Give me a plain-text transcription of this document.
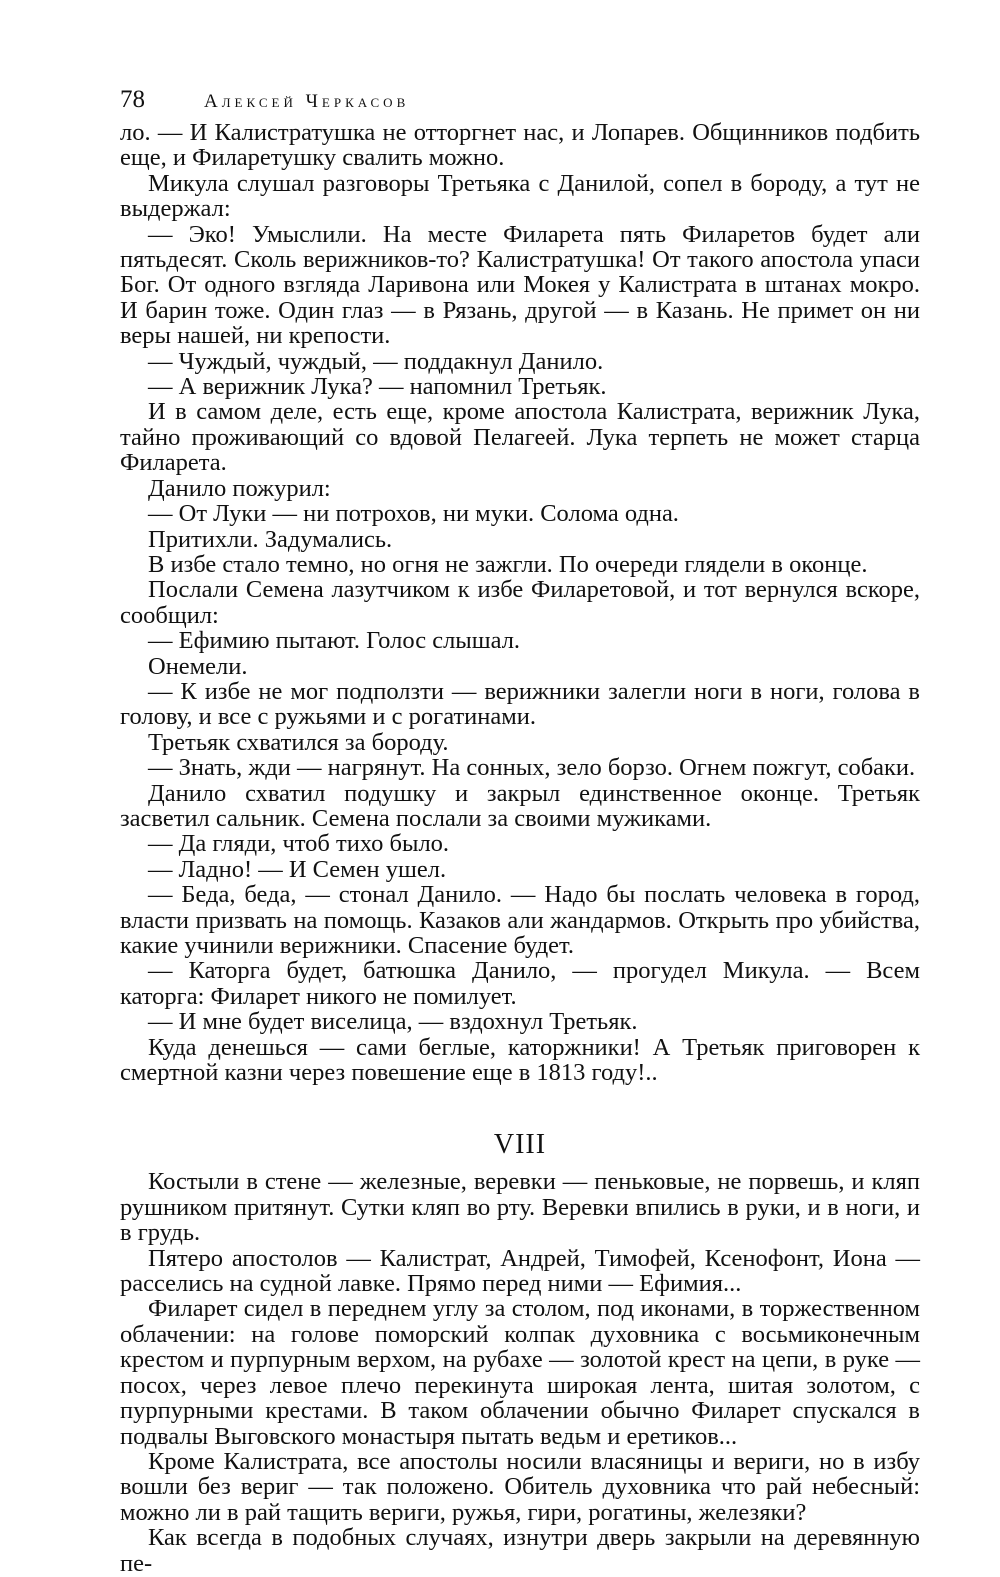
78	Алексей Черкасов

ло. — И Калистратушка не отторгнет нас, и Лопарев. Общинников подбить еще, и Филаретушку свалить можно.

Микула слушал разговоры Третьяка с Данилой, сопел в бороду, а тут не выдержал:

— Эко! Умыслили. На месте Филарета пять Филаретов будет али пятьдесят. Сколь верижников-то? Калистратушка! От такого апостола упаси Бог. От одного взгляда Ларивона или Мокея у Калистрата в штанах мокро. И барин тоже. Один глаз — в Рязань, другой — в Казань. Не примет он ни веры нашей, ни крепости.

— Чуждый, чуждый, — поддакнул Данило.

— А верижник Лука? — напомнил Третьяк.

И в самом деле, есть еще, кроме апостола Калистрата, верижник Лука, тайно проживающий со вдовой Пелагеей. Лука терпеть не может старца Филарета.

Данило пожурил:

— От Луки — ни потрохов, ни муки. Солома одна.

Притихли. Задумались.

В избе стало темно, но огня не зажгли. По очереди глядели в оконце.

Послали Семена лазутчиком к избе Филаретовой, и тот вернулся вскоре, сообщил:

— Ефимию пытают. Голос слышал.

Онемели.

— К избе не мог подползти — верижники залегли ноги в ноги, голова в голову, и все с ружьями и с рогатинами.

Третьяк схватился за бороду.

— Знать, жди — нагрянут. На сонных, зело борзо. Огнем пожгут, собаки.

Данило схватил подушку и закрыл единственное оконце. Третьяк засветил сальник. Семена послали за своими мужиками.

— Да гляди, чтоб тихо было.

— Ладно! — И Семен ушел.

— Беда, беда, — стонал Данило. — Надо бы послать человека в город, власти призвать на помощь. Казаков али жандармов. Открыть про убийства, какие учинили верижники. Спасение будет.

— Каторга будет, батюшка Данило, — прогудел Микула. — Всем каторга: Филарет никого не помилует.

— И мне будет виселица, — вздохнул Третьяк.

Куда денешься — сами беглые, каторжники! А Третьяк приговорен к смертной казни через повешение еще в 1813 году!..

VIII

Костыли в стене — железные, веревки — пеньковые, не порвешь, и кляп рушником притянут. Сутки кляп во рту. Веревки впились в руки, и в ноги, и в грудь.

Пятеро апостолов — Калистрат, Андрей, Тимофей, Ксенофонт, Иона — расселись на судной лавке. Прямо перед ними — Ефимия...

Филарет сидел в переднем углу за столом, под иконами, в торжественном облачении: на голове поморский колпак духовника с восьмиконечным крестом и пурпурным верхом, на рубахе — золотой крест на цепи, в руке — посох, через левое плечо перекинута широкая лента, шитая золотом, с пурпурными крестами. В таком облачении обычно Филарет спускался в подвалы Выговского монастыря пытать ведьм и еретиков...

Кроме Калистрата, все апостолы носили власяницы и вериги, но в избу вошли без вериг — так положено. Обитель духовника что рай небесный: можно ли в рай тащить вериги, ружья, гири, рогатины, железяки?

Как всегда в подобных случаях, изнутри дверь закрыли на деревянную пе-
